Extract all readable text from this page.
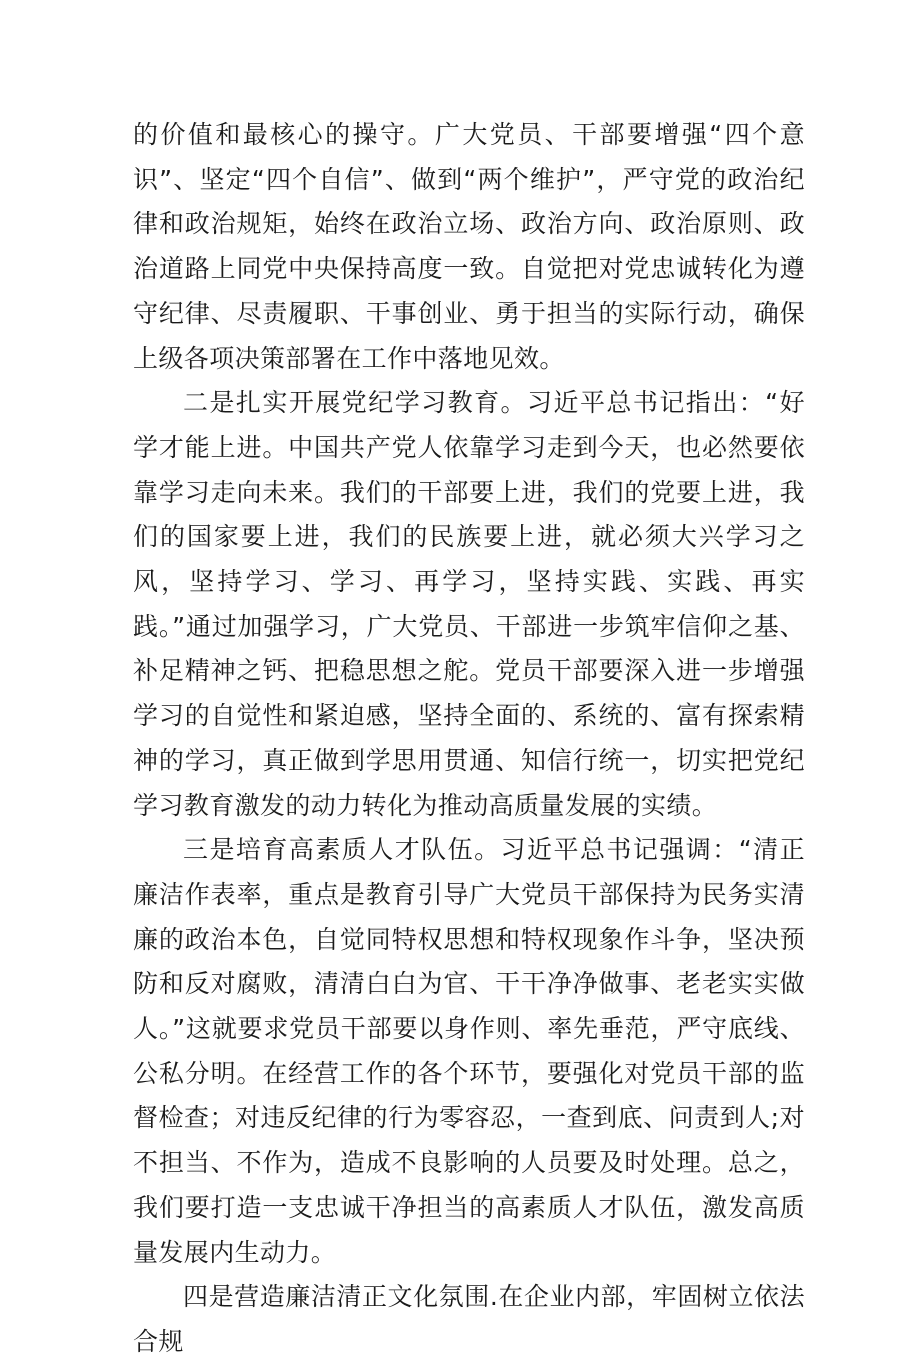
的价值和最核心的操守。广大党员、干部要增强“四个意识”、坚定“四个自信”、做到“两个维护”，严守党的政治纪律和政治规矩，始终在政治立场、政治方向、政治原则、政治道路上同党中央保持高度一致。自觉把对党忠诚转化为遵守纪律、尽责履职、干事创业、勇于担当的实际行动，确保上级各项决策部署在工作中落地见效。

二是扎实开展党纪学习教育。习近平总书记指出：“好学才能上进。中国共产党人依靠学习走到今天，也必然要依靠学习走向未来。我们的干部要上进，我们的党要上进，我们的国家要上进，我们的民族要上进，就必须大兴学习之风，坚持学习、学习、再学习，坚持实践、实践、再实践。”通过加强学习，广大党员、干部进一步筑牢信仰之基、补足精神之钙、把稳思想之舵。党员干部要深入进一步增强学习的自觉性和紧迫感，坚持全面的、系统的、富有探索精神的学习，真正做到学思用贯通、知信行统一，切实把党纪学习教育激发的动力转化为推动高质量发展的实绩。

三是培育高素质人才队伍。习近平总书记强调：“清正廉洁作表率，重点是教育引导广大党员干部保持为民务实清廉的政治本色，自觉同特权思想和特权现象作斗争，坚决预防和反对腐败，清清白白为官、干干净净做事、老老实实做人。”这就要求党员干部要以身作则、率先垂范，严守底线、公私分明。在经营工作的各个环节，要强化对党员干部的监督检查；对违反纪律的行为零容忍，一查到底、问责到人;对不担当、不作为，造成不良影响的人员要及时处理。总之，我们要打造一支忠诚干净担当的高素质人才队伍，激发高质量发展内生动力。

四是营造廉洁清正文化氛围.在企业内部，牢固树立依法合规
